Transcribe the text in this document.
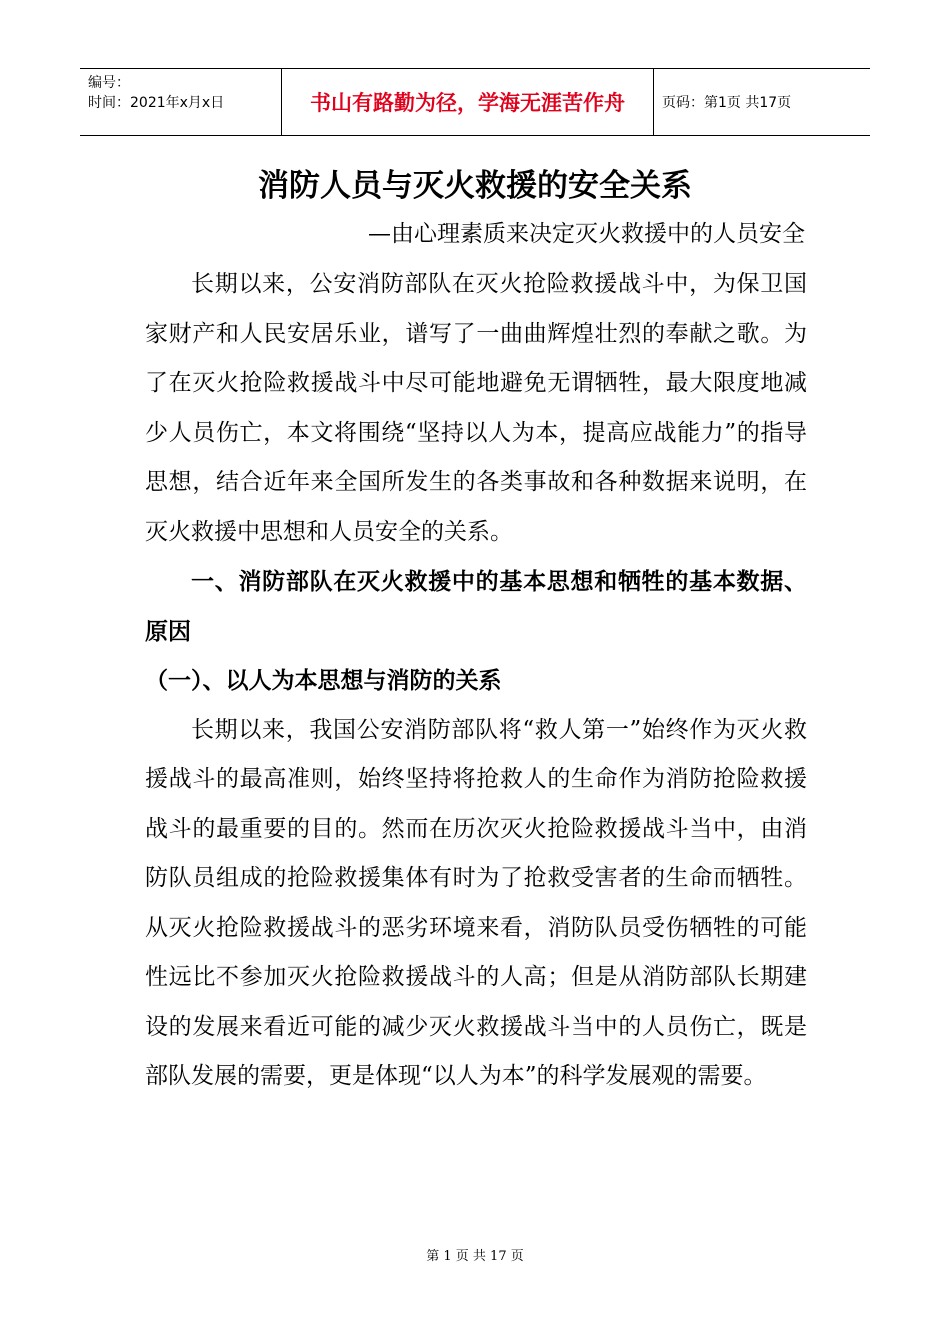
编号：
时间：2021年x月x日	书山有路勤为径，学海无涯苦作舟	页码：第1页 共17页
消防人员与灭火救援的安全关系
—由心理素质来决定灭火救援中的人员安全

长期以来，公安消防部队在灭火抢险救援战斗中，为保卫国家财产和人民安居乐业，谱写了一曲曲辉煌壮烈的奉献之歌。为了在灭火抢险救援战斗中尽可能地避免无谓牺牲，最大限度地减少人员伤亡，本文将围绕“坚持以人为本，提高应战能力”的指导思想，结合近年来全国所发生的各类事故和各种数据来说明，在灭火救援中思想和人员安全的关系。

一、消防部队在灭火救援中的基本思想和牺牲的基本数据、原因

（一）、以人为本思想与消防的关系

长期以来，我国公安消防部队将“救人第一”始终作为灭火救援战斗的最高准则，始终坚持将抢救人的生命作为消防抢险救援战斗的最重要的目的。然而在历次灭火抢险救援战斗当中，由消防队员组成的抢险救援集体有时为了抢救受害者的生命而牺牲。从灭火抢险救援战斗的恶劣环境来看，消防队员受伤牺牲的可能性远比不参加灭火抢险救援战斗的人高；但是从消防部队长期建设的发展来看近可能的减少灭火救援战斗当中的人员伤亡，既是部队发展的需要，更是体现“以人为本”的科学发展观的需要。

第 1 页 共 17 页
